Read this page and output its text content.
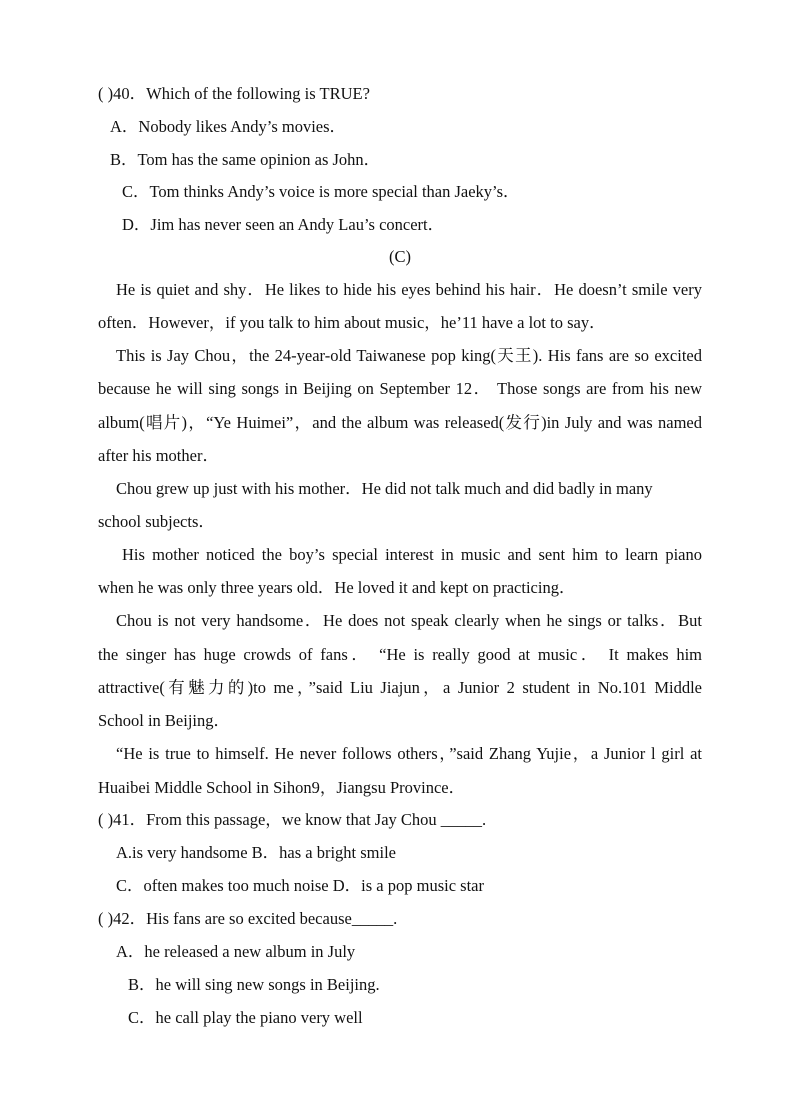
( )40．Which of the following is TRUE?
A．Nobody likes Andy’s movies．
B．Tom has the same opinion as John．
C．Tom thinks Andy’s voice is more special than Jaeky’s．
D．Jim has never seen an Andy Lau’s concert．
(C)
He is quiet and shy．He likes to hide his eyes behind his hair．He doesn’t smile very
often．However，if you talk to him about music，he’11 have a lot to say．
This is Jay Chou，the 24-year-old Taiwanese pop king(天王). His fans are so excited
because he will sing songs in Beijing on September 12． Those songs are from his new
album(唱片)，“Ye Huimei”，and the album was released(发行)in July and was named
after his mother．
Chou grew up just with his mother．He did not talk much and did badly in many
school subjects．
His mother noticed the boy’s special interest in music and sent him to learn piano
when he was only three years old．He loved it and kept on practicing．
Chou is not very handsome．He does not speak clearly when he sings or talks．But
the singer has huge crowds of fans． “He is really good at music． It makes him
attractive(有魅力的)to me，”said Liu Jiajun，a Junior 2 student in No.101 Middle
School in Beijing．
“He is true to himself. He never follows others，”said Zhang Yujie，a Junior l girl at
Huaibei Middle School in Sihon9，Jiangsu Province．
( )41．From this passage，we know that Jay Chou _____.
A.is very handsome B．has a bright smile
C．often makes too much noise D．is a pop music star
( )42．His fans are so excited because_____.
A．he released a new album in July
B．he will sing new songs in Beijing.
C．he call play the piano very well
